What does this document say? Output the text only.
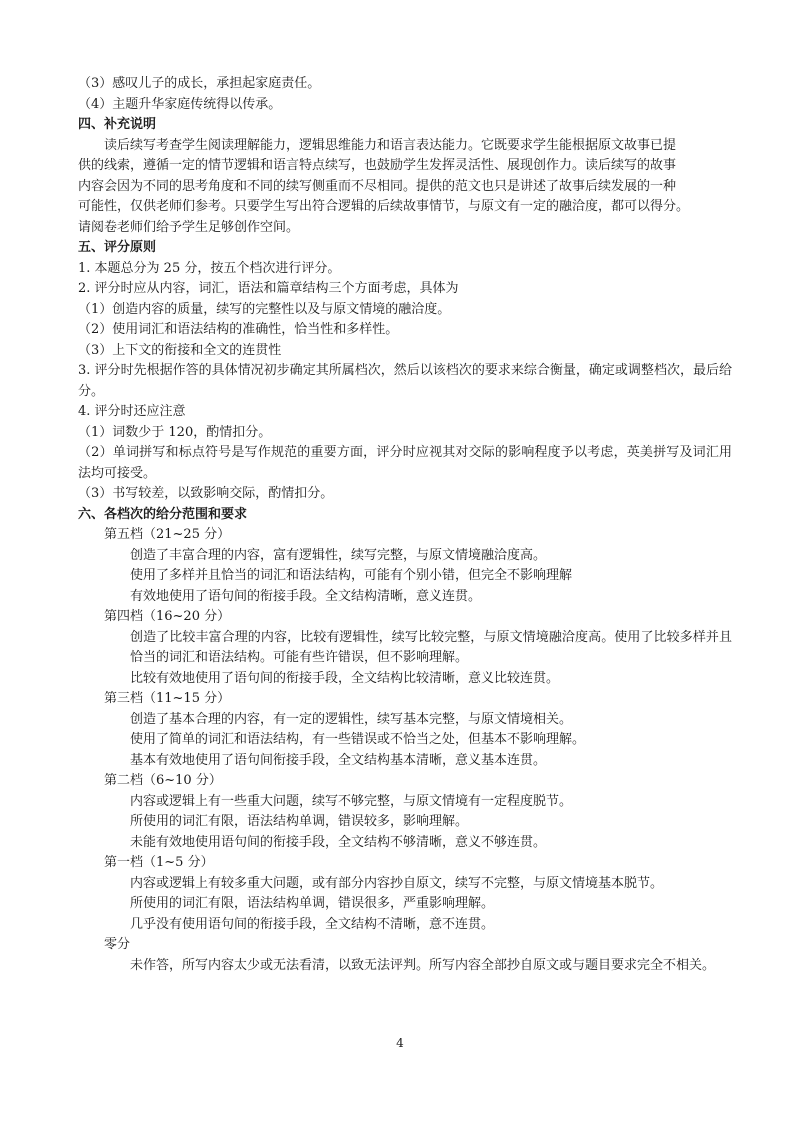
（3）感叹儿子的成长，承担起家庭责任。
（4）主题升华家庭传统得以传承。
四、补充说明
读后续写考查学生阅读理解能力，逻辑思维能力和语言表达能力。它既要求学生能根据原文故事已提
供的线索，遵循一定的情节逻辑和语言特点续写，也鼓励学生发挥灵活性、展现创作力。读后续写的故事
内容会因为不同的思考角度和不同的续写侧重而不尽相同。提供的范文也只是讲述了故事后续发展的一种
可能性，仅供老师们参考。只要学生写出符合逻辑的后续故事情节，与原文有一定的融洽度，都可以得分。
请阅卷老师们给予学生足够创作空间。
五、评分原则
1. 本题总分为 25 分，按五个档次进行评分。
2. 评分时应从内容，词汇，语法和篇章结构三个方面考虑，具体为
（1）创造内容的质量，续写的完整性以及与原文情境的融洽度。
（2）使用词汇和语法结构的准确性，恰当性和多样性。
（3）上下文的衔接和全文的连贯性
3. 评分时先根据作答的具体情况初步确定其所属档次，然后以该档次的要求来综合衡量，确定或调整档次，最后给分。
4. 评分时还应注意
（1）词数少于 120，酌情扣分。
（2）单词拼写和标点符号是写作规范的重要方面，评分时应视其对交际的影响程度予以考虑，英美拼写及词汇用法均可接受。
（3）书写较差，以致影响交际，酌情扣分。
六、各档次的给分范围和要求
第五档（21~25 分）
创造了丰富合理的内容，富有逻辑性，续写完整，与原文情境融洽度高。
使用了多样并且恰当的词汇和语法结构，可能有个别小错，但完全不影响理解
有效地使用了语句间的衔接手段。全文结构清晰，意义连贯。
第四档（16~20 分）
创造了比较丰富合理的内容，比较有逻辑性，续写比较完整，与原文情境融洽度高。使用了比较多样并且恰当的词汇和语法结构。可能有些许错误，但不影响理解。
比较有效地使用了语句间的衔接手段，全文结构比较清晰，意义比较连贯。
第三档（11~15 分）
创造了基本合理的内容，有一定的逻辑性，续写基本完整，与原文情境相关。
使用了简单的词汇和语法结构，有一些错误或不恰当之处，但基本不影响理解。
基本有效地使用了语句间衔接手段，全文结构基本清晰，意义基本连贯。
第二档（6~10 分）
内容或逻辑上有一些重大问题，续写不够完整，与原文情境有一定程度脱节。
所使用的词汇有限，语法结构单调，错误较多，影响理解。
未能有效地使用语句间的衔接手段，全文结构不够清晰，意义不够连贯。
第一档（1~5 分）
内容或逻辑上有较多重大问题，或有部分内容抄自原文，续写不完整，与原文情境基本脱节。
所使用的词汇有限，语法结构单调，错误很多，严重影响理解。
几乎没有使用语句间的衔接手段，全文结构不清晰，意不连贯。
零分
未作答，所写内容太少或无法看清，以致无法评判。所写内容全部抄自原文或与题目要求完全不相关。
4
